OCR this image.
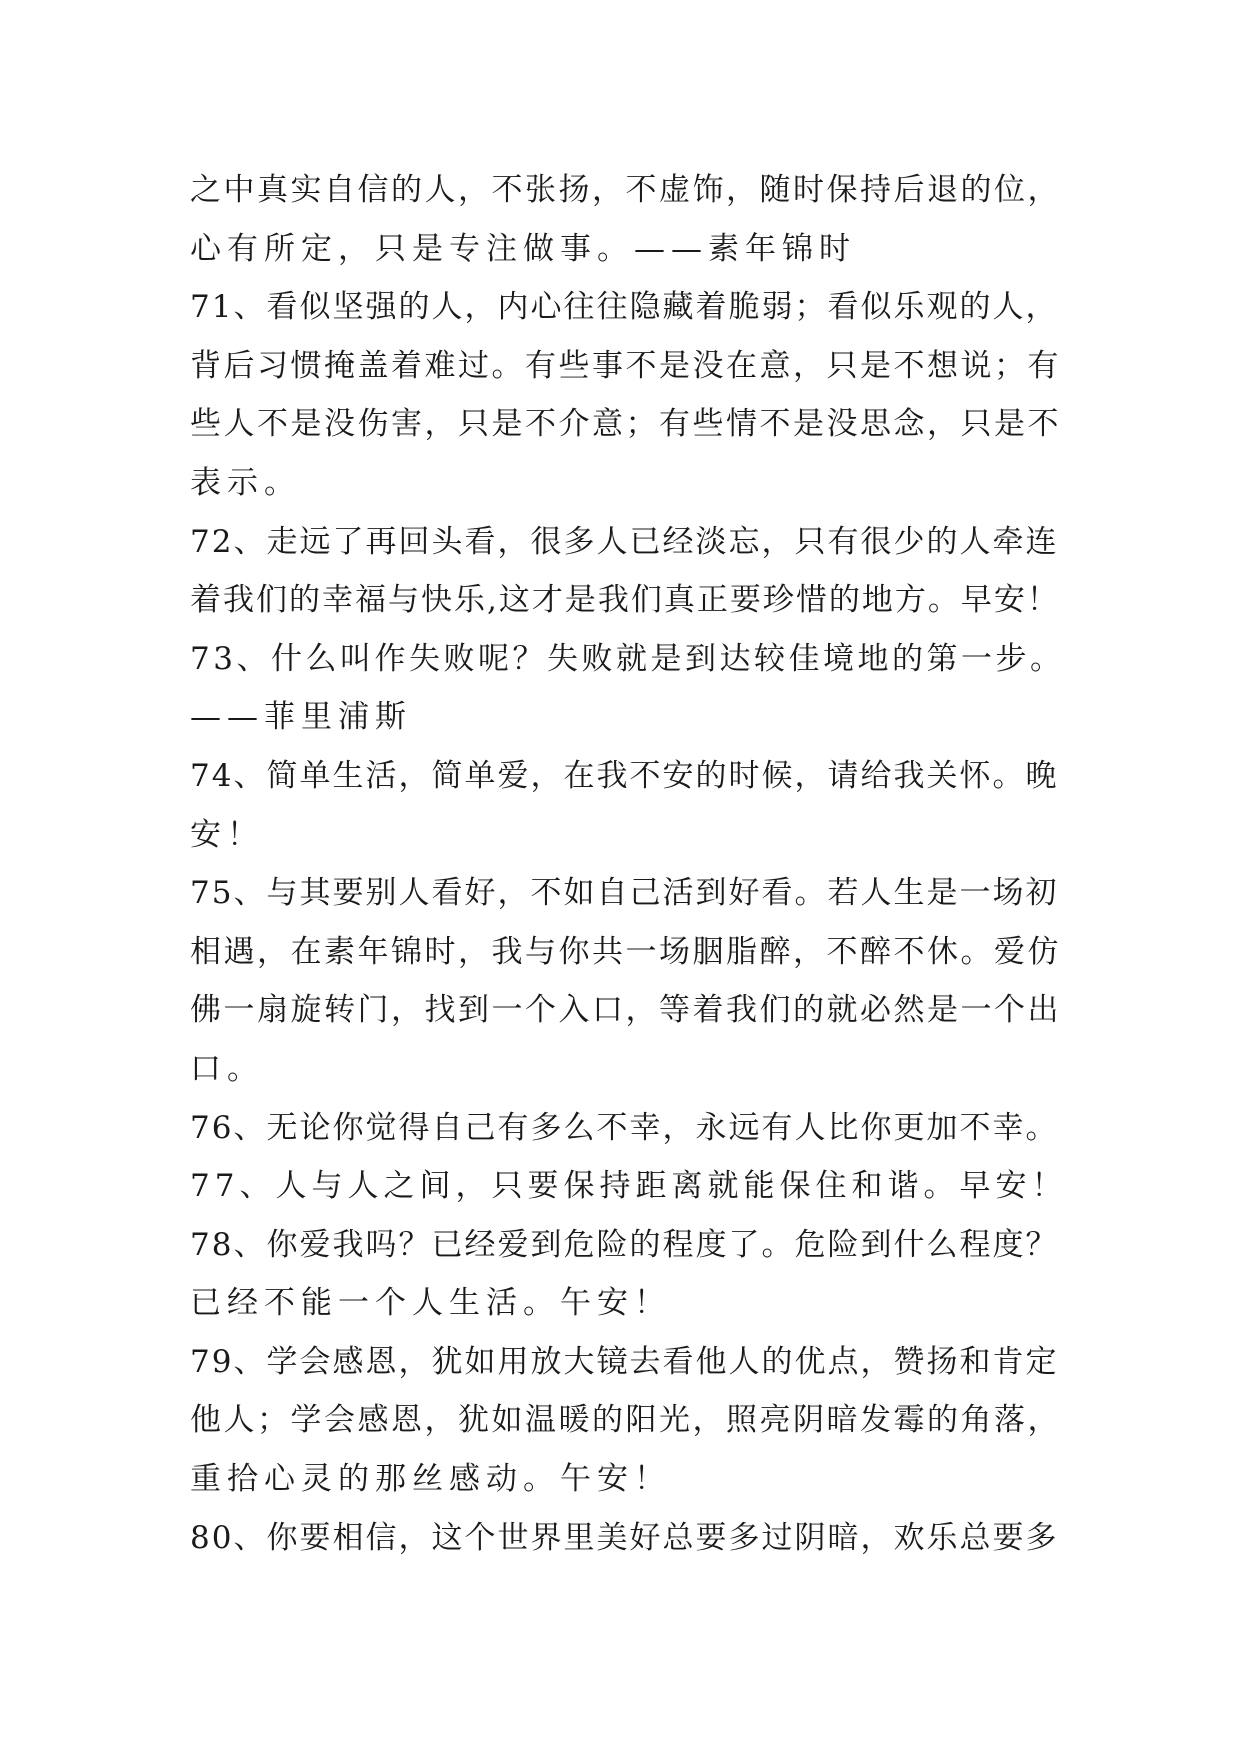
之中真实自信的人，不张扬，不虚饰，随时保持后退的位，
心有所定，只是专注做事。——素年锦时
71、看似坚强的人，内心往往隐藏着脆弱；看似乐观的人，
背后习惯掩盖着难过。有些事不是没在意，只是不想说；有
些人不是没伤害，只是不介意；有些情不是没思念，只是不
表示。
72、走远了再回头看，很多人已经淡忘，只有很少的人牵连
着我们的幸福与快乐,这才是我们真正要珍惜的地方。早安！
73、什么叫作失败呢？失败就是到达较佳境地的第一步。
——菲里浦斯
74、简单生活，简单爱，在我不安的时候，请给我关怀。晚
安！
75、与其要别人看好，不如自己活到好看。若人生是一场初
相遇，在素年锦时，我与你共一场胭脂醉，不醉不休。爱仿
佛一扇旋转门，找到一个入口，等着我们的就必然是一个出
口。
76、无论你觉得自己有多么不幸，永远有人比你更加不幸。
77、人与人之间，只要保持距离就能保住和谐。早安！
78、你爱我吗？已经爱到危险的程度了。危险到什么程度？
已经不能一个人生活。午安！
79、学会感恩，犹如用放大镜去看他人的优点，赞扬和肯定
他人；学会感恩，犹如温暖的阳光，照亮阴暗发霉的角落，
重拾心灵的那丝感动。午安！
80、你要相信，这个世界里美好总要多过阴暗，欢乐总要多
